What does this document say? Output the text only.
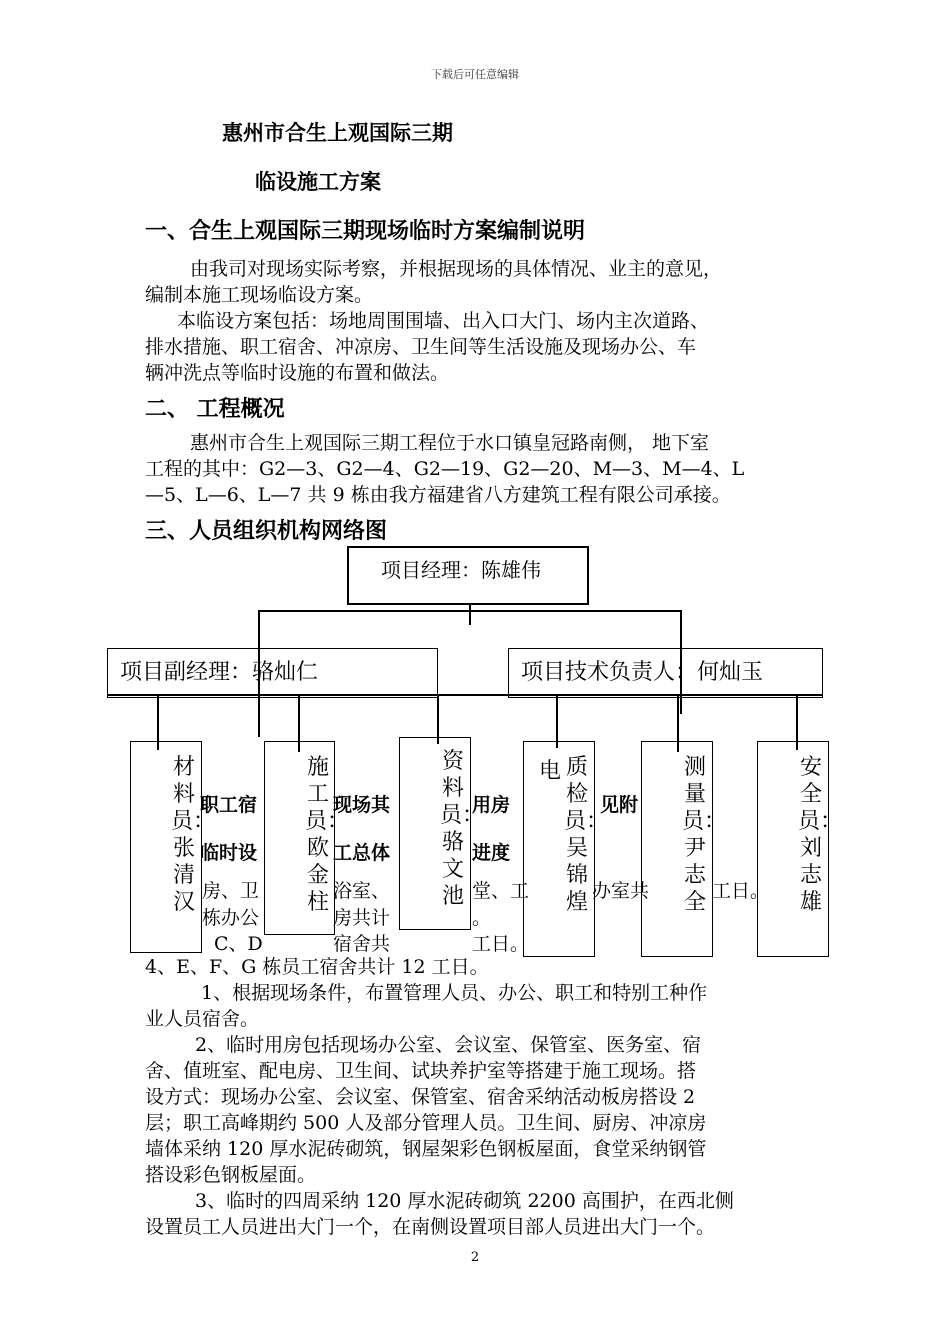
下载后可任意编辑
惠州市合生上观国际三期
临设施工方案
一、合生上观国际三期现场临时方案编制说明
由我司对现场实际考察，并根据现场的具体情况、业主的意见，
编制本施工现场临设方案。
本临设方案包括：场地周围围墙、出入口大门、场内主次道路、
排水措施、职工宿舍、冲凉房、卫生间等生活设施及现场办公、车
辆冲洗点等临时设施的布置和做法。
二、 工程概况
惠州市合生上观国际三期工程位于水口镇皇冠路南侧， 地下室
工程的其中：G2—3、G2—4、G2—19、G2—20、M—3、M—4、L
—5、L—6、L—7 共 9 栋由我方福建省八方建筑工程有限公司承接。
三、人员组织机构网络图
职工宿	现场其	用房	见附
临时设	工总体	进度
房、卫	浴室、	堂、工	办室共	工日。
栋办公	房共计	。
C、D	宿舍共	工日。
项目经理：陈雄伟
项目副经理：骆灿仁	项目技术负责人：何灿玉
材料员：张清汉
施工员：欧金柱
资料员：骆文池
质检员：吴锦煌
电	测量员：尹志全
安全员：刘志雄
4、E、F、G 栋员工宿舍共计 12 工日。
1、根据现场条件，布置管理人员、办公、职工和特别工种作
业人员宿舍。
2、临时用房包括现场办公室、会议室、保管室、医务室、宿
舍、值班室、配电房、卫生间、试块养护室等搭建于施工现场。搭
设方式：现场办公室、会议室、保管室、宿舍采纳活动板房搭设 2
层；职工高峰期约 500 人及部分管理人员。卫生间、厨房、冲凉房
墙体采纳 120 厚水泥砖砌筑，钢屋架彩色钢板屋面，食堂采纳钢管
搭设彩色钢板屋面。
3、临时的四周采纳 120 厚水泥砖砌筑 2200 高围护，在西北侧
设置员工人员进出大门一个，在南侧设置项目部人员进出大门一个。
2
